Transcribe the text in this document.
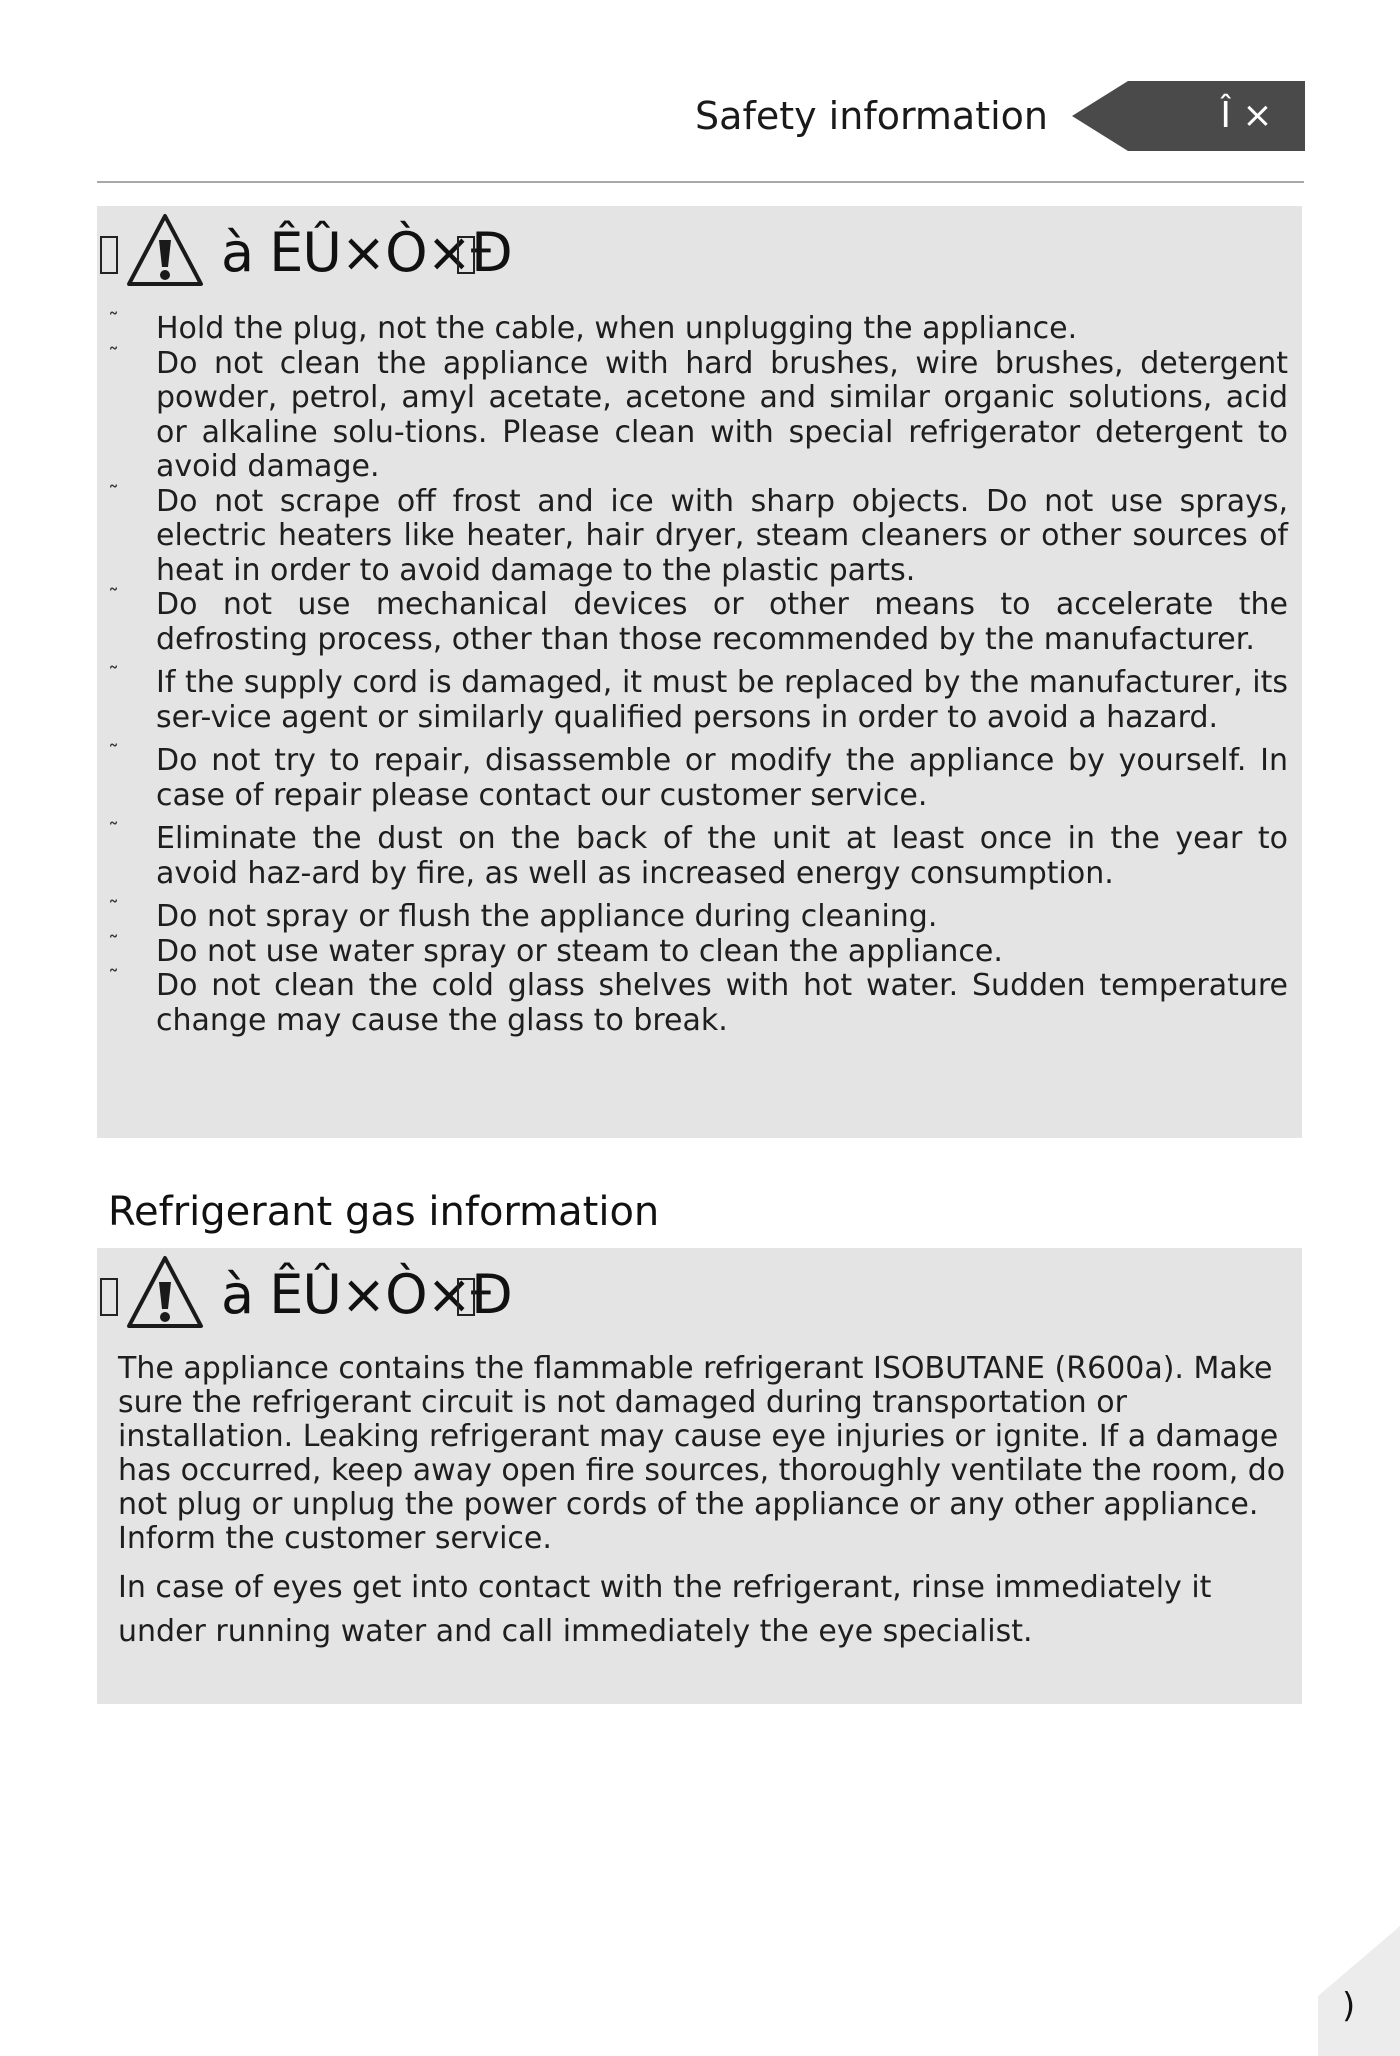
Safety information	Î ×
à ÊÛ×Ò×Ð
˜ Hold the plug, not the cable, when unplugging the appliance.
˜ Do not clean the appliance with hard brushes, wire brushes, detergent powder, petrol, amyl acetate, acetone and similar organic solutions, acid or alkaline solu-tions. Please clean with special refrigerator detergent to avoid damage.
˜ Do not scrape off frost and ice with sharp objects. Do not use sprays, electric heaters like heater, hair dryer, steam cleaners or other sources of heat in order to avoid damage to the plastic parts.
˜ Do not use mechanical devices or other means to accelerate the defrosting process, other than those recommended by the manufacturer.
˜ If the supply cord is damaged, it must be replaced by the manufacturer, its ser-vice agent or similarly qualified persons in order to avoid a hazard.
˜ Do not try to repair, disassemble or modify the appliance by yourself. In case of repair please contact our customer service.
˜ Eliminate the dust on the back of the unit at least once in the year to avoid haz-ard by fire, as well as increased energy consumption.
˜ Do not spray or flush the appliance during cleaning.
˜ Do not use water spray or steam to clean the appliance.
˜ Do not clean the cold glass shelves with hot water. Sudden temperature change may cause the glass to break.
Refrigerant gas information
à ÊÛ×Ò×Ð

The appliance contains the flammable refrigerant ISOBUTANE (R600a). Make sure the refrigerant circuit is not damaged during transportation or installation. Leaking refrigerant may cause eye injuries or ignite. If a damage has occurred, keep away open fire sources, thoroughly ventilate the room, do not plug or unplug the power cords of the appliance or any other appliance. Inform the customer service.

In case of eyes get into contact with the refrigerant, rinse immediately it under running water and call immediately the eye specialist.

)
